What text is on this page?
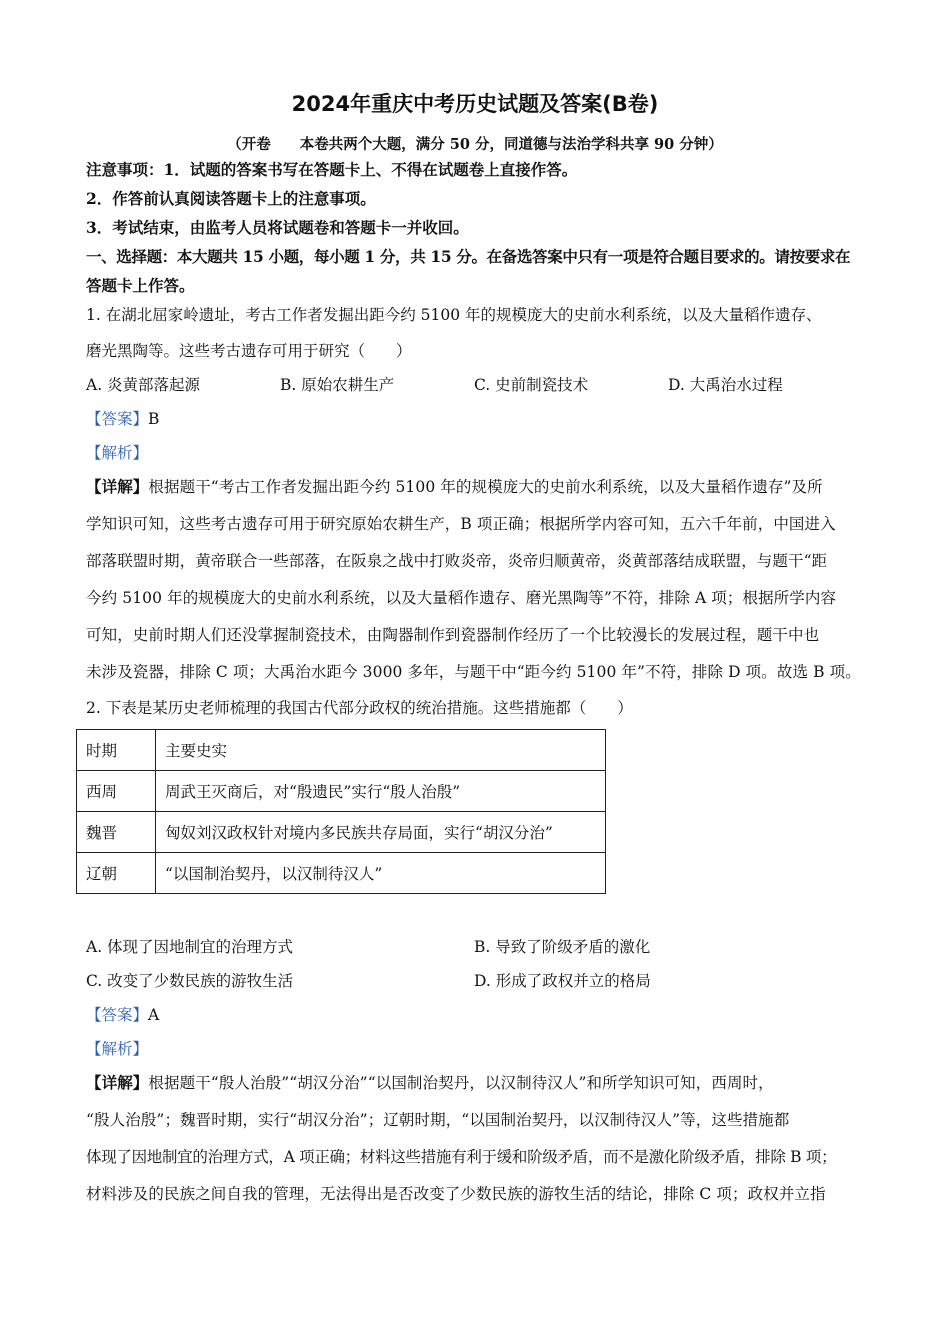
2024年重庆中考历史试题及答案(B卷)
（开卷　　本卷共两个大题，满分 50 分，同道德与法治学科共享 90 分钟）
注意事项：1．试题的答案书写在答题卡上、不得在试题卷上直接作答。
2．作答前认真阅读答题卡上的注意事项。
3．考试结束，由监考人员将试题卷和答题卡一并收回。
一、选择题：本大题共 15 小题，每小题 1 分，共 15 分。在备选答案中只有一项是符合题目要求的。请按要求在
答题卡上作答。
1. 在湖北屈家岭遗址，考古工作者发掘出距今约 5100 年的规模庞大的史前水利系统，以及大量稻作遗存、
磨光黑陶等。这些考古遗存可用于研究（　　）
A. 炎黄部落起源	B. 原始农耕生产	C. 史前制瓷技术	D. 大禹治水过程
【答案】B
【解析】
【详解】根据题干“考古工作者发掘出距今约 5100 年的规模庞大的史前水利系统，以及大量稻作遗存”及所
学知识可知，这些考古遗存可用于研究原始农耕生产，B 项正确；根据所学内容可知，五六千年前，中国进入
部落联盟时期，黄帝联合一些部落，在阪泉之战中打败炎帝，炎帝归顺黄帝，炎黄部落结成联盟，与题干“距
今约 5100 年的规模庞大的史前水利系统，以及大量稻作遗存、磨光黑陶等”不符，排除 A 项；根据所学内容
可知，史前时期人们还没掌握制瓷技术，由陶器制作到瓷器制作经历了一个比较漫长的发展过程，题干中也
未涉及瓷器，排除 C 项；大禹治水距今 3000 多年，与题干中“距今约 5100 年”不符，排除 D 项。故选 B 项。
2. 下表是某历史老师梳理的我国古代部分政权的统治措施。这些措施都（　　）
时期	主要史实
西周	周武王灭商后，对“殷遗民”实行“殷人治殷”
魏晋	匈奴刘汉政权针对境内多民族共存局面，实行“胡汉分治”
辽朝	“以国制治契丹，以汉制待汉人”
A. 体现了因地制宜的治理方式	B. 导致了阶级矛盾的激化
C. 改变了少数民族的游牧生活	D. 形成了政权并立的格局
【答案】A
【解析】
【详解】根据题干“殷人治殷”“胡汉分治”“以国制治契丹，以汉制待汉人”和所学知识可知，西周时，
“殷人治殷”；魏晋时期，实行“胡汉分治”；辽朝时期，“以国制治契丹，以汉制待汉人”等，这些措施都
体现了因地制宜的治理方式，A 项正确；材料这些措施有利于缓和阶级矛盾，而不是激化阶级矛盾，排除 B 项；
材料涉及的民族之间自我的管理，无法得出是否改变了少数民族的游牧生活的结论，排除 C 项；政权并立指
